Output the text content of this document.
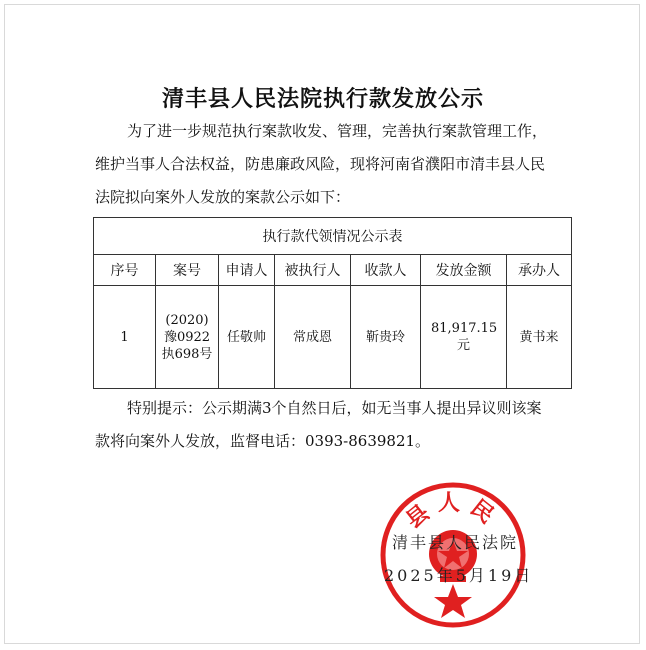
清丰县人民法院执行款发放公示
为了进一步规范执行案款收发、管理，完善执行案款管理工作，
维护当事人合法权益，防患廉政风险，现将河南省濮阳市清丰县人民
法院拟向案外人发放的案款公示如下：
执行款代领情况公示表						
序号	案号	申请人	被执行人	收款人	发放金额	承办人
1	(2020)豫0922执698号	任敬帅	常成恩	靳贵玲	81,917.15元	黄书来
特别提示：公示期满3个自然日后，如无当事人提出异议则该案
款将向案外人发放，监督电话：0393-8639821。
县人民
清丰县人民法院
2025年5月19日
